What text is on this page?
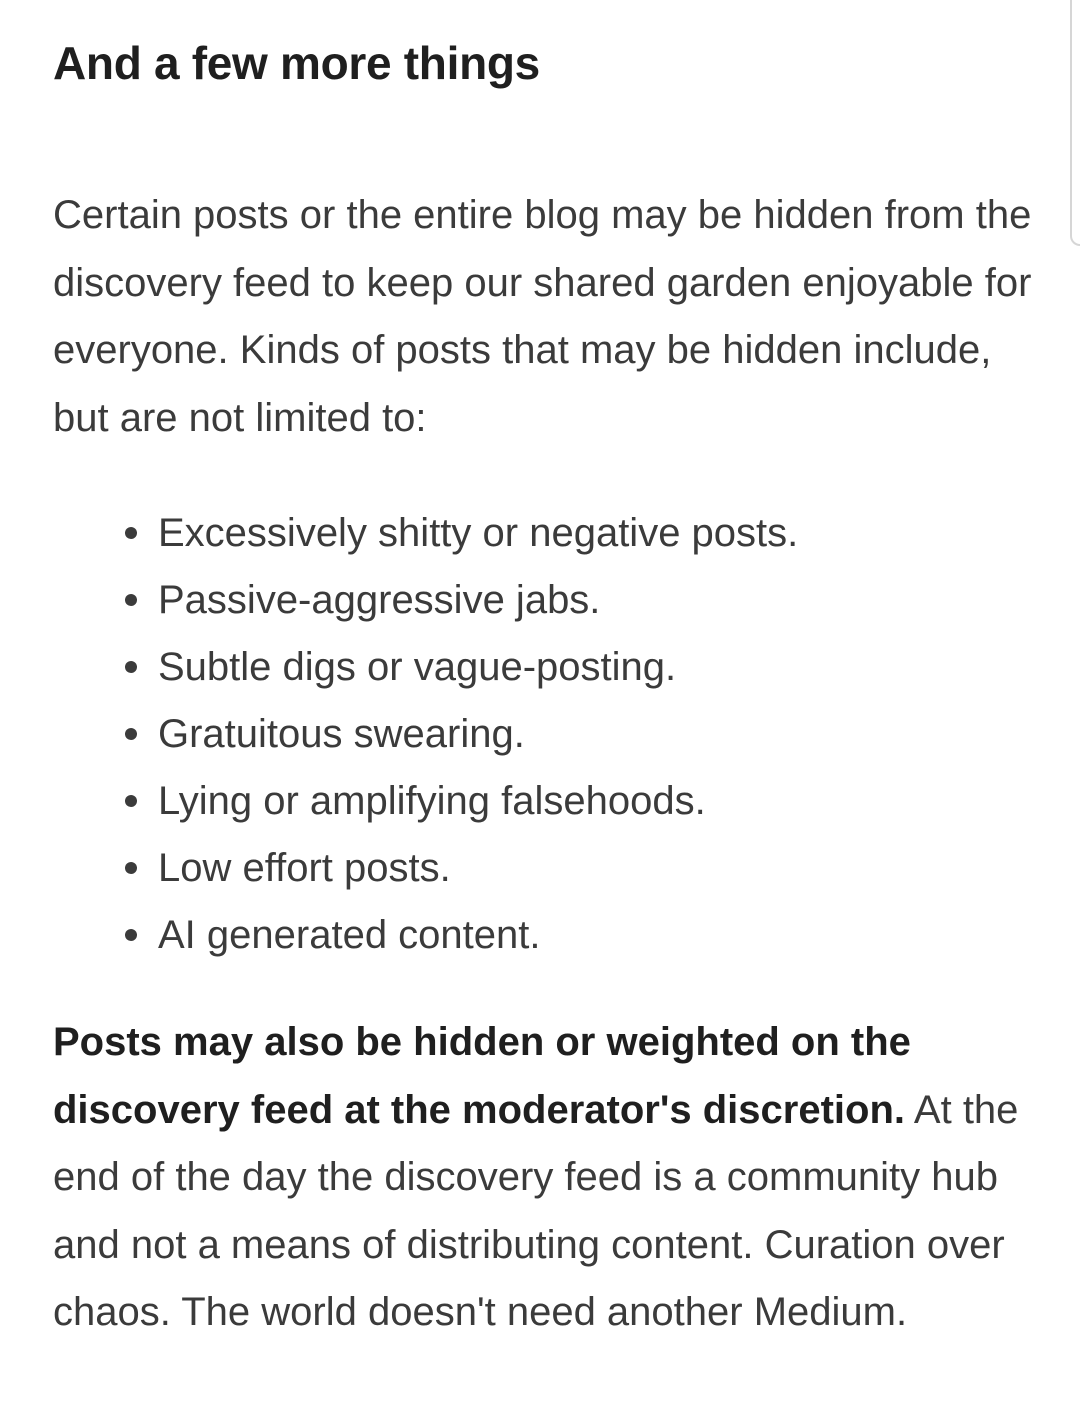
And a few more things

Certain posts or the entire blog may be hidden from the discovery feed to keep our shared garden enjoyable for everyone. Kinds of posts that may be hidden include, but are not limited to:

Excessively shitty or negative posts.
Passive-aggressive jabs.
Subtle digs or vague-posting.
Gratuitous swearing.
Lying or amplifying falsehoods.
Low effort posts.
AI generated content.

Posts may also be hidden or weighted on the discovery feed at the moderator's discretion. At the end of the day the discovery feed is a community hub and not a means of distributing content. Curation over chaos. The world doesn't need another Medium.
